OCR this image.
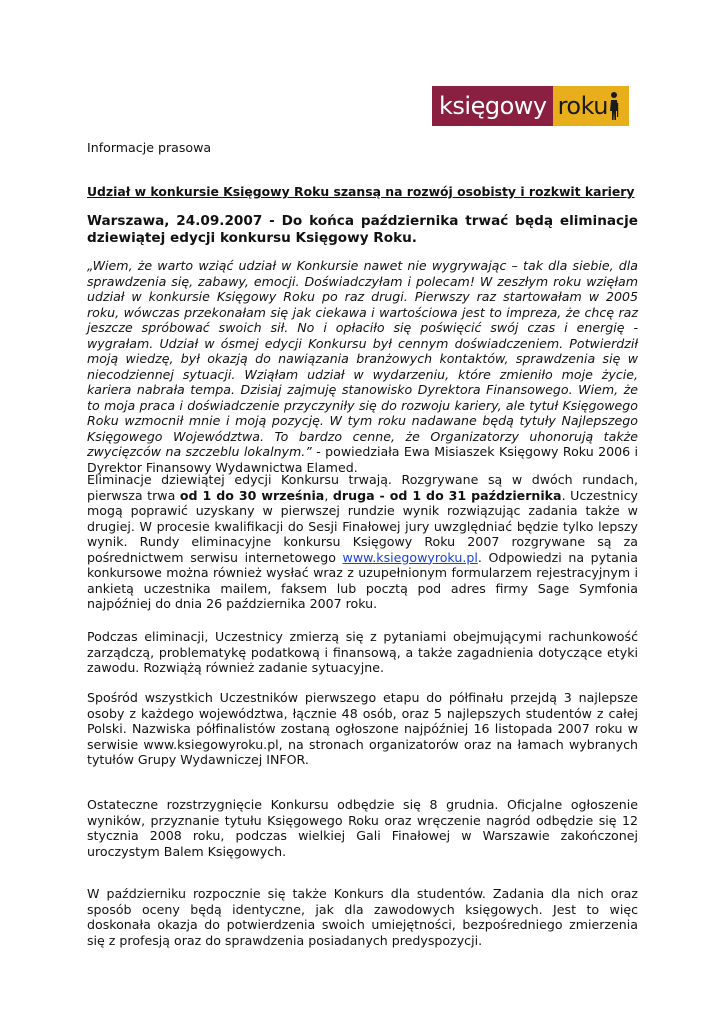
księgowy roku
Informacje prasowa
Udział w konkursie Księgowy Roku szansą na rozwój osobisty i rozkwit kariery

Warszawa, 24.09.2007 - Do końca października trwać będą eliminacje dziewiątej edycji konkursu Księgowy Roku.

„Wiem, że warto wziąć udział w Konkursie nawet nie wygrywając – tak dla siebie, dla sprawdzenia się, zabawy, emocji. Doświadczyłam i polecam! W zeszłym roku wzięłam udział w konkursie Księgowy Roku po raz drugi. Pierwszy raz startowałam w 2005 roku, wówczas przekonałam się jak ciekawa i wartościowa jest to impreza, że chcę raz jeszcze spróbować swoich sił. No i opłaciło się poświęcić swój czas i energię - wygrałam. Udział w ósmej edycji Konkursu był cennym doświadczeniem. Potwierdził moją wiedzę, był okazją do nawiązania branżowych kontaktów, sprawdzenia się w niecodziennej sytuacji. Wziąłam udział w wydarzeniu, które zmieniło moje życie, kariera nabrała tempa. Dzisiaj zajmuję stanowisko Dyrektora Finansowego. Wiem, że to moja praca i doświadczenie przyczyniły się do rozwoju kariery, ale tytuł Księgowego Roku wzmocnił mnie i moją pozycję. W tym roku nadawane będą tytuły Najlepszego Księgowego Województwa. To bardzo cenne, że Organizatorzy uhonorują także zwycięzców na szczeblu lokalnym.” - powiedziała Ewa Misiaszek Księgowy Roku 2006 i Dyrektor Finansowy Wydawnictwa Elamed.

Eliminacje dziewiątej edycji Konkursu trwają. Rozgrywane są w dwóch rundach, pierwsza trwa od 1 do 30 września, druga - od 1 do 31 października. Uczestnicy mogą poprawić uzyskany w pierwszej rundzie wynik rozwiązując zadania także w drugiej. W procesie kwalifikacji do Sesji Finałowej jury uwzględniać będzie tylko lepszy wynik. Rundy eliminacyjne konkursu Księgowy Roku 2007 rozgrywane są za pośrednictwem serwisu internetowego www.ksiegowyroku.pl. Odpowiedzi na pytania konkursowe można również wysłać wraz z uzupełnionym formularzem rejestracyjnym i ankietą uczestnika mailem, faksem lub pocztą pod adres firmy Sage Symfonia najpóźniej do dnia 26 października 2007 roku.

Podczas eliminacji, Uczestnicy zmierzą się z pytaniami obejmującymi rachunkowość zarządczą, problematykę podatkową i finansową, a także zagadnienia dotyczące etyki zawodu. Rozwiążą również zadanie sytuacyjne.

Spośród wszystkich Uczestników pierwszego etapu do półfinału przejdą 3 najlepsze osoby z każdego województwa, łącznie 48 osób, oraz 5 najlepszych studentów z całej Polski. Nazwiska półfinalistów zostaną ogłoszone najpóźniej 16 listopada 2007 roku w serwisie www.ksiegowyroku.pl, na stronach organizatorów oraz na łamach wybranych tytułów Grupy Wydawniczej INFOR.

Ostateczne rozstrzygnięcie Konkursu odbędzie się 8 grudnia. Oficjalne ogłoszenie wyników, przyznanie tytułu Księgowego Roku oraz wręczenie nagród odbędzie się 12 stycznia 2008 roku, podczas wielkiej Gali Finałowej w Warszawie zakończonej uroczystym Balem Księgowych.

W październiku rozpocznie się także Konkurs dla studentów. Zadania dla nich oraz sposób oceny będą identyczne, jak dla zawodowych księgowych. Jest to więc doskonała okazja do potwierdzenia swoich umiejętności, bezpośredniego zmierzenia się z profesją oraz do sprawdzenia posiadanych predyspozycji.
